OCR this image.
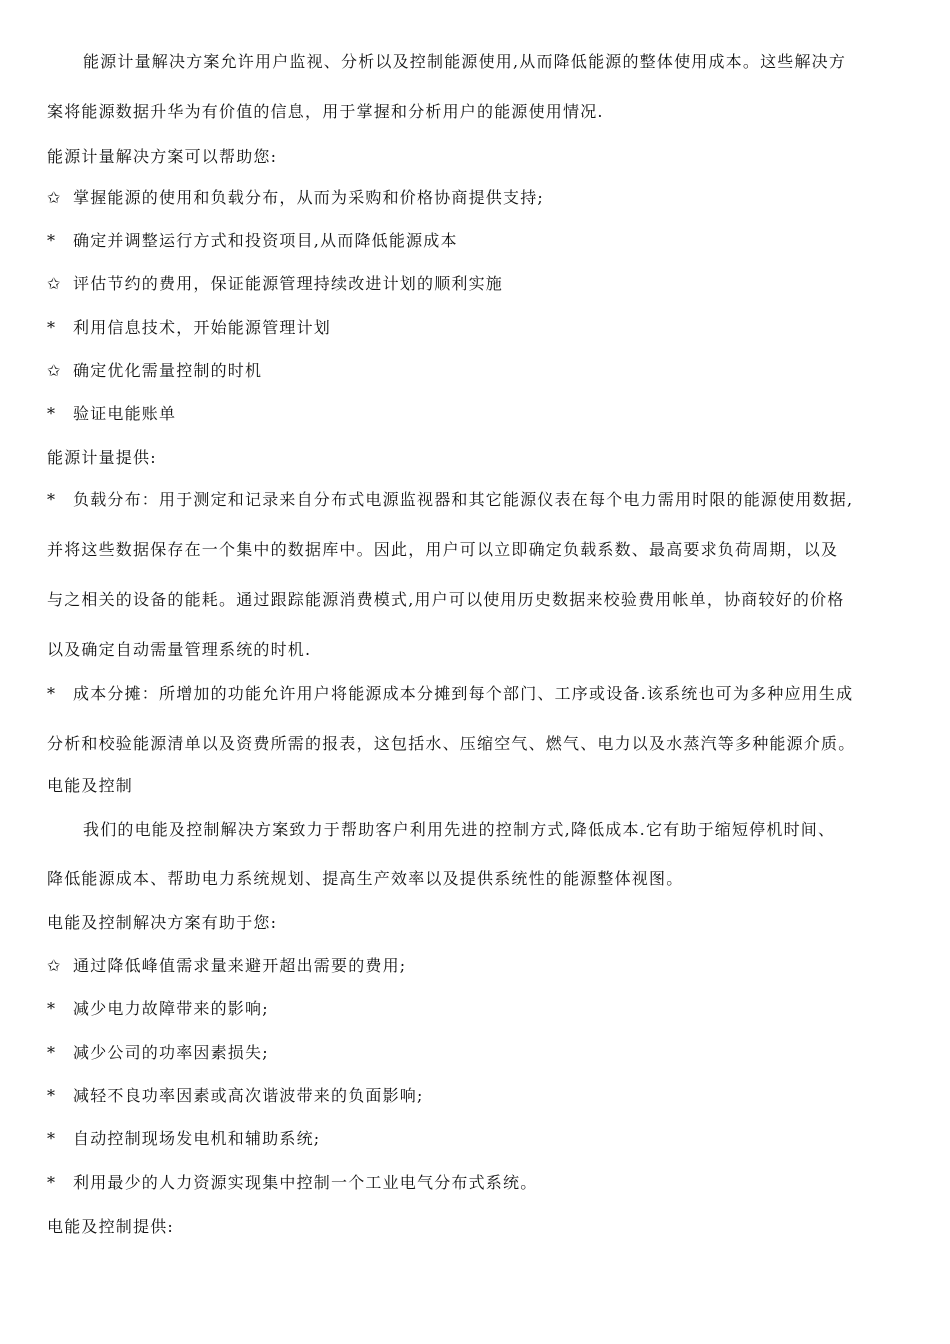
能源计量解决方案允许用户监视、分析以及控制能源使用,从而降低能源的整体使用成本。这些解决方
案将能源数据升华为有价值的信息，用于掌握和分析用户的能源使用情况.
能源计量解决方案可以帮助您:
✩ 掌握能源的使用和负载分布，从而为采购和价格协商提供支持;
* 确定并调整运行方式和投资项目,从而降低能源成本
✩ 评估节约的费用，保证能源管理持续改进计划的顺利实施
* 利用信息技术，开始能源管理计划
✩ 确定优化需量控制的时机
* 验证电能账单
能源计量提供:
* 负载分布：用于测定和记录来自分布式电源监视器和其它能源仪表在每个电力需用时限的能源使用数据,
并将这些数据保存在一个集中的数据库中。因此，用户可以立即确定负载系数、最高要求负荷周期，以及
与之相关的设备的能耗。通过跟踪能源消费模式,用户可以使用历史数据来校验费用帐单，协商较好的价格
以及确定自动需量管理系统的时机.
* 成本分摊：所增加的功能允许用户将能源成本分摊到每个部门、工序或设备.该系统也可为多种应用生成
分析和校验能源清单以及资费所需的报表，这包括水、压缩空气、燃气、电力以及水蒸汽等多种能源介质。
电能及控制
我们的电能及控制解决方案致力于帮助客户利用先进的控制方式,降低成本.它有助于缩短停机时间、
降低能源成本、帮助电力系统规划、提高生产效率以及提供系统性的能源整体视图。
电能及控制解决方案有助于您:
✩ 通过降低峰值需求量来避开超出需要的费用;
* 减少电力故障带来的影响;
* 减少公司的功率因素损失;
* 减轻不良功率因素或高次谐波带来的负面影响;
* 自动控制现场发电机和辅助系统;
* 利用最少的人力资源实现集中控制一个工业电气分布式系统。
电能及控制提供:
